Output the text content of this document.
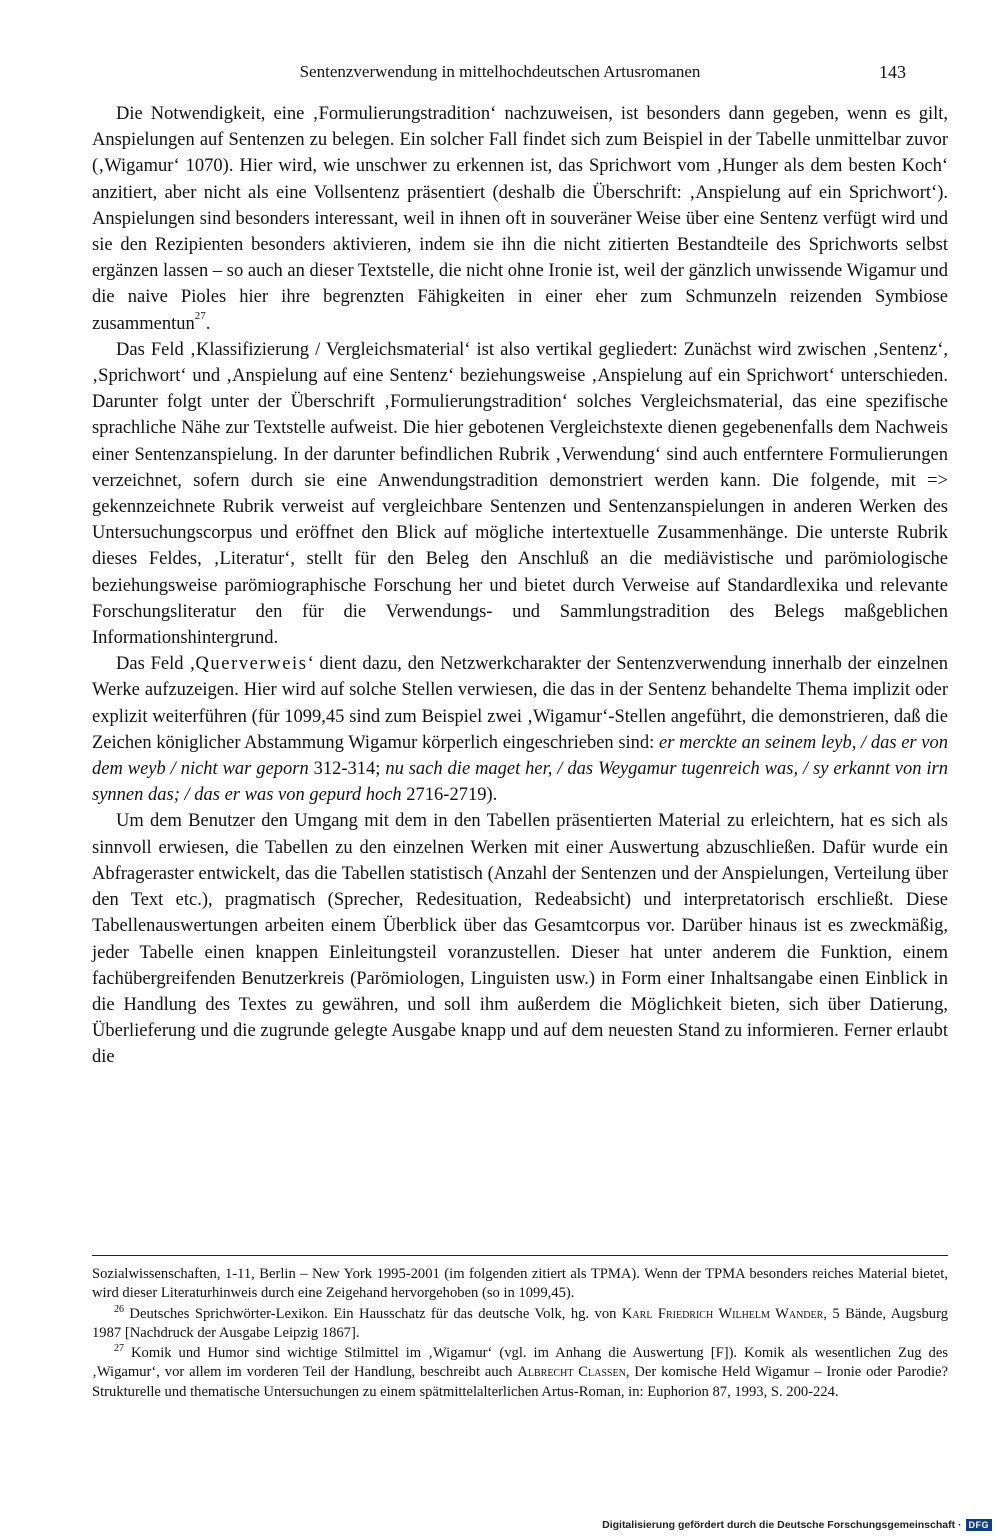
Sentenzverwendung in mittelhochdeutschen Artusromanen	143

Die Notwendigkeit, eine ‚Formulierungstradition‘ nachzuweisen, ist besonders dann gegeben, wenn es gilt, Anspielungen auf Sentenzen zu belegen. Ein solcher Fall findet sich zum Beispiel in der Tabelle unmittelbar zuvor (‚Wigamur‘ 1070). Hier wird, wie unschwer zu erkennen ist, das Sprichwort vom ‚Hunger als dem besten Koch‘ anzitiert, aber nicht als eine Vollsentenz präsentiert (deshalb die Überschrift: ‚Anspielung auf ein Sprichwort‘). Anspielungen sind besonders interessant, weil in ihnen oft in souveräner Weise über eine Sentenz verfügt wird und sie den Rezipienten besonders aktivieren, indem sie ihn die nicht zitierten Bestandteile des Sprichworts selbst ergänzen lassen – so auch an dieser Textstelle, die nicht ohne Ironie ist, weil der gänzlich unwissende Wigamur und die naive Pioles hier ihre begrenzten Fähigkeiten in einer eher zum Schmunzeln reizenden Symbiose zusammentun$^{27}$.

Das Feld ‚Klassifizierung / Vergleichsmaterial‘ ist also vertikal gegliedert: Zunächst wird zwischen ‚Sentenz‘, ‚Sprichwort‘ und ‚Anspielung auf eine Sentenz‘ beziehungsweise ‚Anspielung auf ein Sprichwort‘ unterschieden. Darunter folgt unter der Überschrift ‚Formulierungstradition‘ solches Vergleichsmaterial, das eine spezifische sprachliche Nähe zur Textstelle aufweist. Die hier gebotenen Vergleichstexte dienen gegebenenfalls dem Nachweis einer Sentenzanspielung. In der darunter befindlichen Rubrik ‚Verwendung‘ sind auch entferntere Formulierungen verzeichnet, sofern durch sie eine Anwendungstradition demonstriert werden kann. Die folgende, mit => gekennzeichnete Rubrik verweist auf vergleichbare Sentenzen und Sentenzanspielungen in anderen Werken des Untersuchungscorpus und eröffnet den Blick auf mögliche intertextuelle Zusammenhänge. Die unterste Rubrik dieses Feldes, ‚Literatur‘, stellt für den Beleg den Anschluß an die mediävistische und parömiologische beziehungsweise parömiographische Forschung her und bietet durch Verweise auf Standardlexika und relevante Forschungsliteratur den für die Verwendungs- und Sammlungstradition des Belegs maßgeblichen Informationshintergrund.

Das Feld ‚Querverweis‘ dient dazu, den Netzwerkcharakter der Sentenzverwendung innerhalb der einzelnen Werke aufzuzeigen. Hier wird auf solche Stellen verwiesen, die das in der Sentenz behandelte Thema implizit oder explizit weiterführen (für 1099,45 sind zum Beispiel zwei ‚Wigamur‘-Stellen angeführt, die demonstrieren, daß die Zeichen königlicher Abstammung Wigamur körperlich eingeschrieben sind: er merckte an seinem leyb, / das er von dem weyb / nicht war geporn 312-314; nu sach die maget her, / das Weygamur tugenreich was, / sy erkannt von irn synnen das; / das er was von gepurd hoch 2716-2719).

Um dem Benutzer den Umgang mit dem in den Tabellen präsentierten Material zu erleichtern, hat es sich als sinnvoll erwiesen, die Tabellen zu den einzelnen Werken mit einer Auswertung abzuschließen. Dafür wurde ein Abfrageraster entwickelt, das die Tabellen statistisch (Anzahl der Sentenzen und der Anspielungen, Verteilung über den Text etc.), pragmatisch (Sprecher, Redesituation, Redeabsicht) und interpretatorisch erschließt. Diese Tabellenauswertungen arbeiten einem Überblick über das Gesamtcorpus vor. Darüber hinaus ist es zweckmäßig, jeder Tabelle einen knappen Einleitungsteil voranzustellen. Dieser hat unter anderem die Funktion, einem fachübergreifenden Benutzerkreis (Parömiologen, Linguisten usw.) in Form einer Inhaltsangabe einen Einblick in die Handlung des Textes zu gewähren, und soll ihm außerdem die Möglichkeit bieten, sich über Datierung, Überlieferung und die zugrunde gelegte Ausgabe knapp und auf dem neuesten Stand zu informieren. Ferner erlaubt die

Sozialwissenschaften, 1-11, Berlin – New York 1995-2001 (im folgenden zitiert als TPMA). Wenn der TPMA besonders reiches Material bietet, wird dieser Literaturhinweis durch eine Zeigehand hervorgehoben (so in 1099,45).

$^{26}$ Deutsches Sprichwörter-Lexikon. Ein Hausschatz für das deutsche Volk, hg. von Karl Friedrich Wilhelm Wander, 5 Bände, Augsburg 1987 [Nachdruck der Ausgabe Leipzig 1867].

$^{27}$ Komik und Humor sind wichtige Stilmittel im ‚Wigamur‘ (vgl. im Anhang die Auswertung [F]). Komik als wesentlichen Zug des ‚Wigamur‘, vor allem im vorderen Teil der Handlung, beschreibt auch Albrecht Classen, Der komische Held Wigamur – Ironie oder Parodie? Strukturelle und thematische Untersuchungen zu einem spätmittelalterlichen Artus-Roman, in: Euphorion 87, 1993, S. 200-224.

Digitalisierung gefördert durch die Deutsche Forschungsgemeinschaft · DFG
